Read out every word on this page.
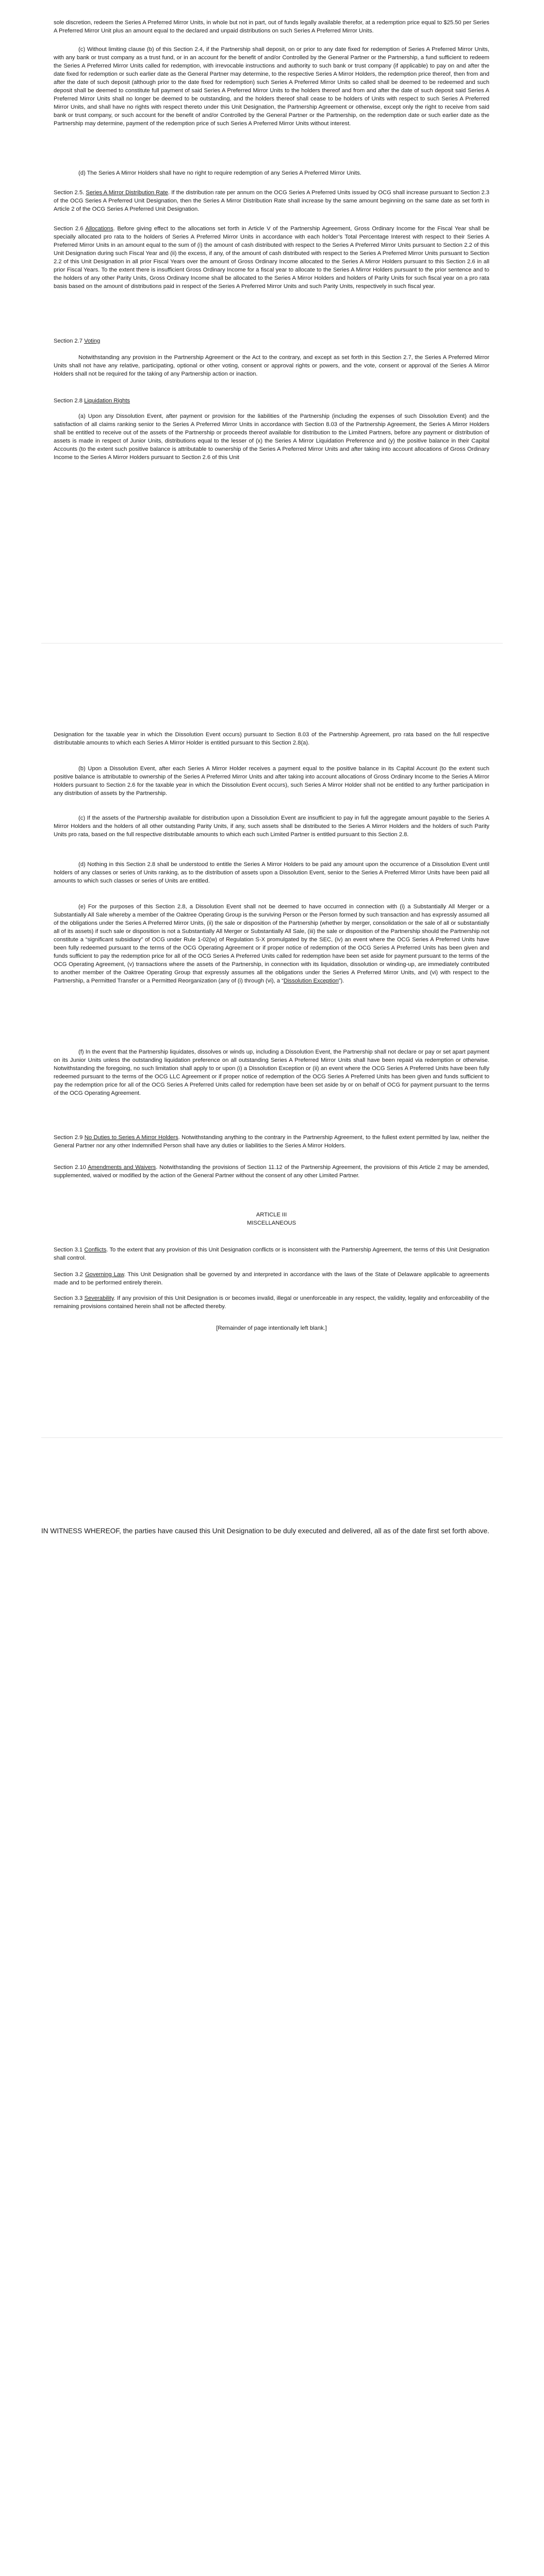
sole discretion, redeem the Series A Preferred Mirror Units, in whole but not in part, out of funds legally available therefor, at a redemption price equal to $25.50 per Series A Preferred Mirror Unit plus an amount equal to the declared and unpaid distributions on such Series A Preferred Mirror Units.

(c) Without limiting clause (b) of this Section 2.4, if the Partnership shall deposit, on or prior to any date fixed for redemption of Series A Preferred Mirror Units, with any bank or trust company as a trust fund, or in an account for the benefit of and/or Controlled by the General Partner or the Partnership, a fund sufficient to redeem the Series A Preferred Mirror Units called for redemption, with irrevocable instructions and authority to such bank or trust company (if applicable) to pay on and after the date fixed for redemption or such earlier date as the General Partner may determine, to the respective Series A Mirror Holders, the redemption price thereof, then from and after the date of such deposit (although prior to the date fixed for redemption) such Series A Preferred Mirror Units so called shall be deemed to be redeemed and such deposit shall be deemed to constitute full payment of said Series A Preferred Mirror Units to the holders thereof and from and after the date of such deposit said Series A Preferred Mirror Units shall no longer be deemed to be outstanding, and the holders thereof shall cease to be holders of Units with respect to such Series A Preferred Mirror Units, and shall have no rights with respect thereto under this Unit Designation, the Partnership Agreement or otherwise, except only the right to receive from said bank or trust company, or such account for the benefit of and/or Controlled by the General Partner or the Partnership, on the redemption date or such earlier date as the Partnership may determine, payment of the redemption price of such Series A Preferred Mirror Units without interest.

(d) The Series A Mirror Holders shall have no right to require redemption of any Series A Preferred Mirror Units.

Section 2.5. Series A Mirror Distribution Rate. If the distribution rate per annum on the OCG Series A Preferred Units issued by OCG shall increase pursuant to Section 2.3 of the OCG Series A Preferred Unit Designation, then the Series A Mirror Distribution Rate shall increase by the same amount beginning on the same date as set forth in Article 2 of the OCG Series A Preferred Unit Designation.

Section 2.6 Allocations. Before giving effect to the allocations set forth in Article V of the Partnership Agreement, Gross Ordinary Income for the Fiscal Year shall be specially allocated pro rata to the holders of Series A Preferred Mirror Units in accordance with each holder’s Total Percentage Interest with respect to their Series A Preferred Mirror Units in an amount equal to the sum of (i) the amount of cash distributed with respect to the Series A Preferred Mirror Units pursuant to Section 2.2 of this Unit Designation during such Fiscal Year and (ii) the excess, if any, of the amount of cash distributed with respect to the Series A Preferred Mirror Units pursuant to Section 2.2 of this Unit Designation in all prior Fiscal Years over the amount of Gross Ordinary Income allocated to the Series A Mirror Holders pursuant to this Section 2.6 in all prior Fiscal Years. To the extent there is insufficient Gross Ordinary Income for a fiscal year to allocate to the Series A Mirror Holders pursuant to the prior sentence and to the holders of any other Parity Units, Gross Ordinary Income shall be allocated to the Series A Mirror Holders and holders of Parity Units for such fiscal year on a pro rata basis based on the amount of distributions paid in respect of the Series A Preferred Mirror Units and such Parity Units, respectively in such fiscal year.

Section 2.7 Voting

Notwithstanding any provision in the Partnership Agreement or the Act to the contrary, and except as set forth in this Section 2.7, the Series A Preferred Mirror Units shall not have any relative, participating, optional or other voting, consent or approval rights or powers, and the vote, consent or approval of the Series A Mirror Holders shall not be required for the taking of any Partnership action or inaction.

Section 2.8 Liquidation Rights

(a) Upon any Dissolution Event, after payment or provision for the liabilities of the Partnership (including the expenses of such Dissolution Event) and the satisfaction of all claims ranking senior to the Series A Preferred Mirror Units in accordance with Section 8.03 of the Partnership Agreement, the Series A Mirror Holders shall be entitled to receive out of the assets of the Partnership or proceeds thereof available for distribution to the Limited Partners, before any payment or distribution of assets is made in respect of Junior Units, distributions equal to the lesser of (x) the Series A Mirror Liquidation Preference and (y) the positive balance in their Capital Accounts (to the extent such positive balance is attributable to ownership of the Series A Preferred Mirror Units and after taking into account allocations of Gross Ordinary Income to the Series A Mirror Holders pursuant to Section 2.6 of this Unit

Designation for the taxable year in which the Dissolution Event occurs) pursuant to Section 8.03 of the Partnership Agreement, pro rata based on the full respective distributable amounts to which each Series A Mirror Holder is entitled pursuant to this Section 2.8(a).

(b) Upon a Dissolution Event, after each Series A Mirror Holder receives a payment equal to the positive balance in its Capital Account (to the extent such positive balance is attributable to ownership of the Series A Preferred Mirror Units and after taking into account allocations of Gross Ordinary Income to the Series A Mirror Holders pursuant to Section 2.6 for the taxable year in which the Dissolution Event occurs), such Series A Mirror Holder shall not be entitled to any further participation in any distribution of assets by the Partnership.

(c) If the assets of the Partnership available for distribution upon a Dissolution Event are insufficient to pay in full the aggregate amount payable to the Series A Mirror Holders and the holders of all other outstanding Parity Units, if any, such assets shall be distributed to the Series A Mirror Holders and the holders of such Parity Units pro rata, based on the full respective distributable amounts to which each such Limited Partner is entitled pursuant to this Section 2.8.

(d) Nothing in this Section 2.8 shall be understood to entitle the Series A Mirror Holders to be paid any amount upon the occurrence of a Dissolution Event until holders of any classes or series of Units ranking, as to the distribution of assets upon a Dissolution Event, senior to the Series A Preferred Mirror Units have been paid all amounts to which such classes or series of Units are entitled.

(e) For the purposes of this Section 2.8, a Dissolution Event shall not be deemed to have occurred in connection with (i) a Substantially All Merger or a Substantially All Sale whereby a member of the Oaktree Operating Group is the surviving Person or the Person formed by such transaction and has expressly assumed all of the obligations under the Series A Preferred Mirror Units, (ii) the sale or disposition of the Partnership (whether by merger, consolidation or the sale of all or substantially all of its assets) if such sale or disposition is not a Substantially All Merger or Substantially All Sale, (iii) the sale or disposition of the Partnership should the Partnership not constitute a “significant subsidiary” of OCG under Rule 1-02(w) of Regulation S-X promulgated by the SEC, (iv) an event where the OCG Series A Preferred Units have been fully redeemed pursuant to the terms of the OCG Operating Agreement or if proper notice of redemption of the OCG Series A Preferred Units has been given and funds sufficient to pay the redemption price for all of the OCG Series A Preferred Units called for redemption have been set aside for payment pursuant to the terms of the OCG Operating Agreement, (v) transactions where the assets of the Partnership, in connection with its liquidation, dissolution or winding-up, are immediately contributed to another member of the Oaktree Operating Group that expressly assumes all the obligations under the Series A Preferred Mirror Units, and (vi) with respect to the Partnership, a Permitted Transfer or a Permitted Reorganization (any of (i) through (vi), a “Dissolution Exception”).

(f) In the event that the Partnership liquidates, dissolves or winds up, including a Dissolution Event, the Partnership shall not declare or pay or set apart payment on its Junior Units unless the outstanding liquidation preference on all outstanding Series A Preferred Mirror Units shall have been repaid via redemption or otherwise. Notwithstanding the foregoing, no such limitation shall apply to or upon (i) a Dissolution Exception or (ii) an event where the OCG Series A Preferred Units have been fully redeemed pursuant to the terms of the OCG LLC Agreement or if proper notice of redemption of the OCG Series A Preferred Units has been given and funds sufficient to pay the redemption price for all of the OCG Series A Preferred Units called for redemption have been set aside by or on behalf of OCG for payment pursuant to the terms of the OCG Operating Agreement.

Section 2.9 No Duties to Series A Mirror Holders. Notwithstanding anything to the contrary in the Partnership Agreement, to the fullest extent permitted by law, neither the General Partner nor any other Indemnified Person shall have any duties or liabilities to the Series A Mirror Holders.

Section 2.10 Amendments and Waivers. Notwithstanding the provisions of Section 11.12 of the Partnership Agreement, the provisions of this Article 2 may be amended, supplemented, waived or modified by the action of the General Partner without the consent of any other Limited Partner.

ARTICLE III
MISCELLANEOUS

Section 3.1 Conflicts. To the extent that any provision of this Unit Designation conflicts or is inconsistent with the Partnership Agreement, the terms of this Unit Designation shall control.

Section 3.2 Governing Law. This Unit Designation shall be governed by and interpreted in accordance with the laws of the State of Delaware applicable to agreements made and to be performed entirely therein.

Section 3.3 Severability. If any provision of this Unit Designation is or becomes invalid, illegal or unenforceable in any respect, the validity, legality and enforceability of the remaining provisions contained herein shall not be affected thereby.

[Remainder of page intentionally left blank.]

IN WITNESS WHEREOF, the parties have caused this Unit Designation to be duly executed and delivered, all as of the date first set forth above.
